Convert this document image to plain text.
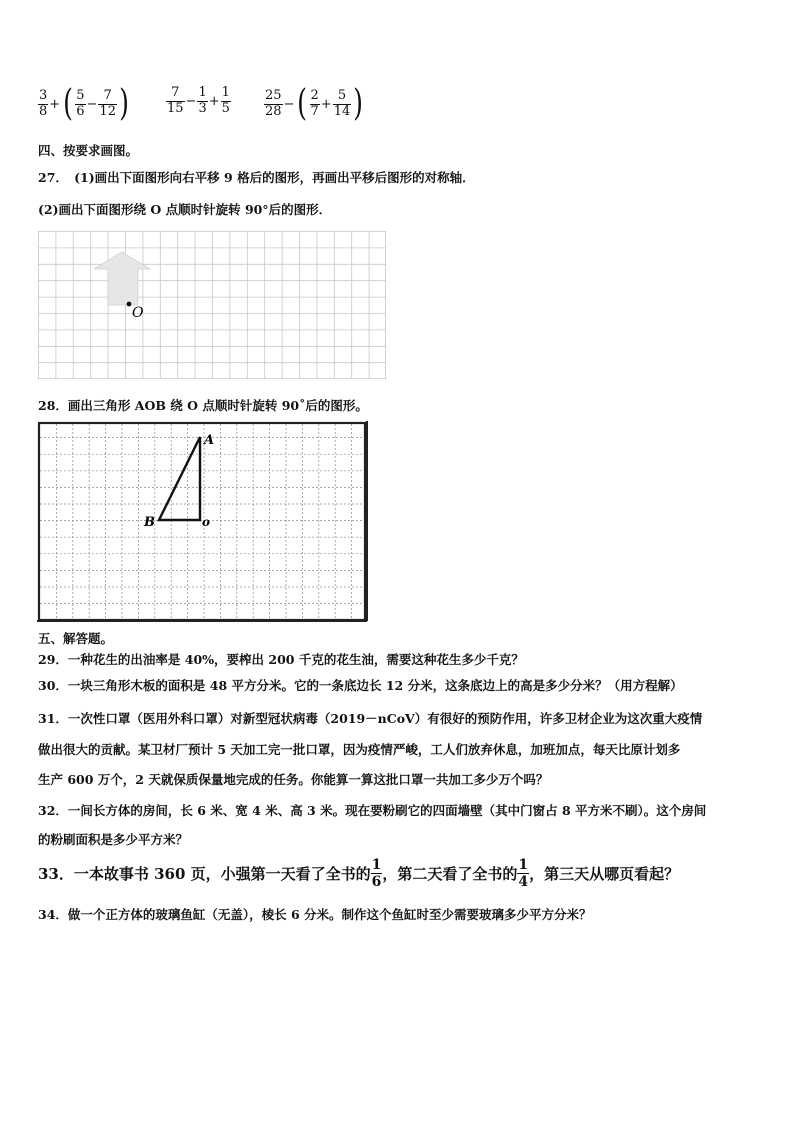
$\frac{3}{8}$ +( $\frac{5}{6} - \frac{7}{12}$ )	$\frac{7}{15} - \frac{1}{3} + \frac{1}{5}$	$\frac{25}{28}$ −( $\frac{2}{7} + \frac{5}{14}$ )
四、按要求画图。
27．　(1)画出下面图形向右平移 9 格后的图形，再画出平移后图形的对称轴．
(2)画出下面图形绕 O 点顺时针旋转 90°后的图形．
O
28．画出三角形 AOB 绕 O 点顺时针旋转 90˚后的图形。
A
B	o
五、解答题。
29．一种花生的出油率是 40%，要榨出 200 千克的花生油，需要这种花生多少千克？
30．一块三角形木板的面积是 48 平方分米。它的一条底边长 12 分米，这条底边上的高是多少分米？（用方程解）
31．一次性口罩（医用外科口罩）对新型冠状病毒（2019－nCoV）有很好的预防作用，许多卫材企业为这次重大疫情
做出很大的贡献。某卫材厂预计 5 天加工完一批口罩，因为疫情严峻，工人们放弃休息，加班加点，每天比原计划多
生产 600 万个，2 天就保质保量地完成的任务。你能算一算这批口罩一共加工多少万个吗？
32．一间长方体的房间，长 6 米、宽 4 米、高 3 米。现在要粉刷它的四面墙壁（其中门窗占 8 平方米不刷）。这个房间
的粉刷面积是多少平方米？
33．一本故事书 360 页，小强第一天看了全书的 $\frac{1}{6}$ ，第二天看了全书的 $\frac{1}{4}$ ，第三天从哪页看起？
34．做一个正方体的玻璃鱼缸（无盖），棱长 6 分米。制作这个鱼缸时至少需要玻璃多少平方分米？
